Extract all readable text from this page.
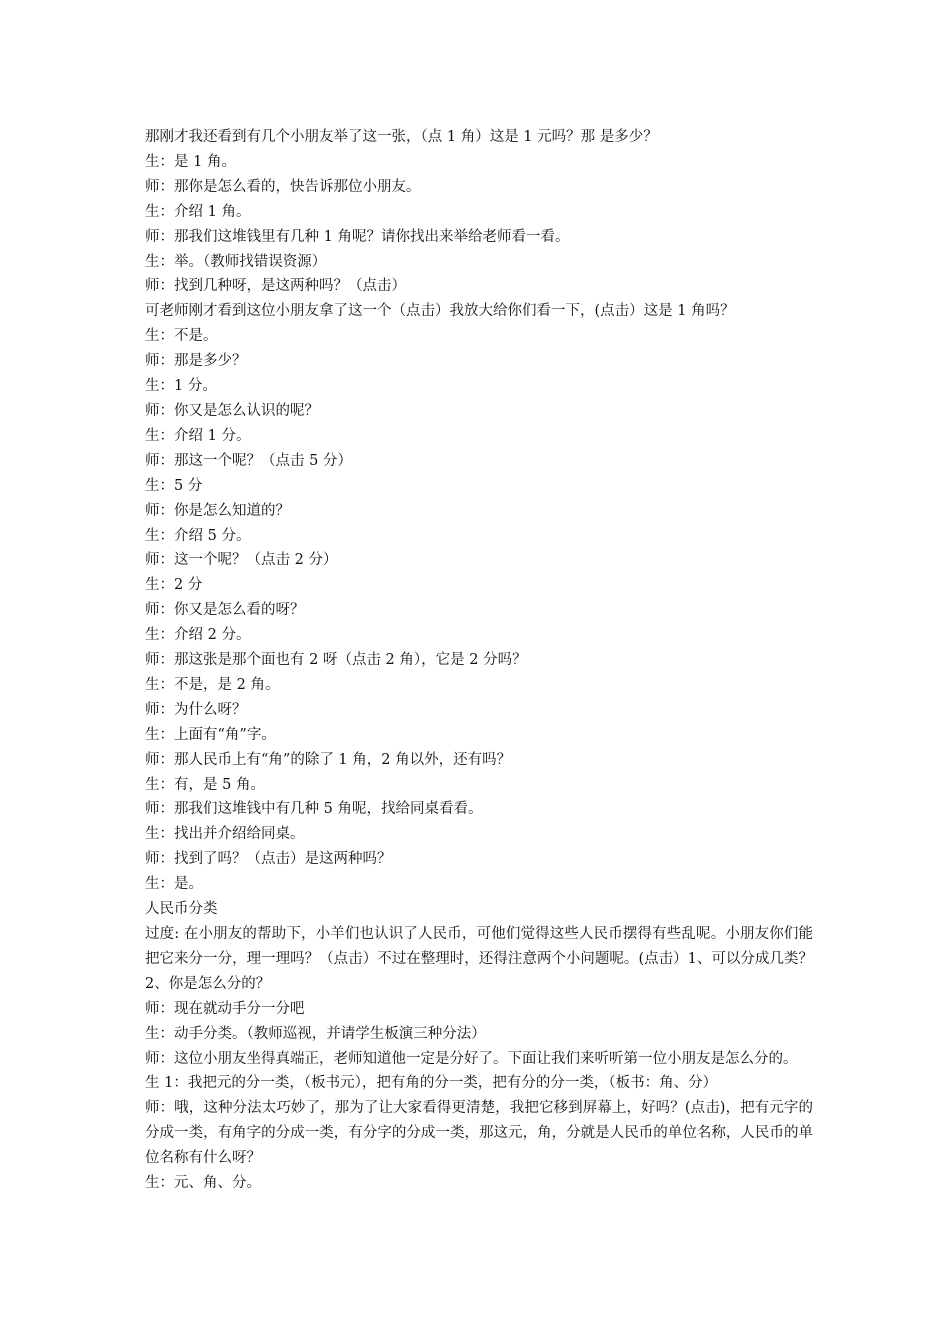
那刚才我还看到有几个小朋友举了这一张，（点 1 角）这是 1 元吗？那 是多少？
生：是 1 角。
师：那你是怎么看的，快告诉那位小朋友。
生：介绍 1 角。
师：那我们这堆钱里有几种 1 角呢？请你找出来举给老师看一看。
生：举。（教师找错误资源）
师：找到几种呀，是这两种吗？（点击）
可老师刚才看到这位小朋友拿了这一个（点击）我放大给你们看一下，(点击）这是 1 角吗？
生：不是。
师：那是多少？
生：1 分。
师：你又是怎么认识的呢？
生：介绍 1 分。
师：那这一个呢？（点击 5 分）
生：5 分
师：你是怎么知道的？
生：介绍 5 分。
师：这一个呢？（点击 2 分）
生：2 分
师：你又是怎么看的呀？
生：介绍 2 分。
师：那这张是那个面也有 2 呀（点击 2 角），它是 2 分吗？
生：不是，是 2 角。
师：为什么呀？
生：上面有“角”字。
师：那人民币上有“角”的除了 1 角，2 角以外，还有吗？
生：有，是 5 角。
师：那我们这堆钱中有几种 5 角呢，找给同桌看看。
生：找出并介绍给同桌。
师：找到了吗？（点击）是这两种吗？
生：是。
人民币分类
过度: 在小朋友的帮助下，小羊们也认识了人民币，可他们觉得这些人民币摆得有些乱呢。小朋友你们能把它来分一分，理一理吗？（点击）不过在整理时，还得注意两个小问题呢。(点击）1、可以分成几类？　2、你是怎么分的？
师：现在就动手分一分吧
生：动手分类。（教师巡视，并请学生板演三种分法）
师：这位小朋友坐得真端正，老师知道他一定是分好了。下面让我们来听听第一位小朋友是怎么分的。
生 1：我把元的分一类，（板书元），把有角的分一类，把有分的分一类，（板书：角、分）
师：哦，这种分法太巧妙了，那为了让大家看得更清楚，我把它移到屏幕上，好吗？(点击)，把有元字的分成一类，有角字的分成一类，有分字的分成一类，那这元，角，分就是人民币的单位名称，人民币的单位名称有什么呀？
生：元、角、分。
